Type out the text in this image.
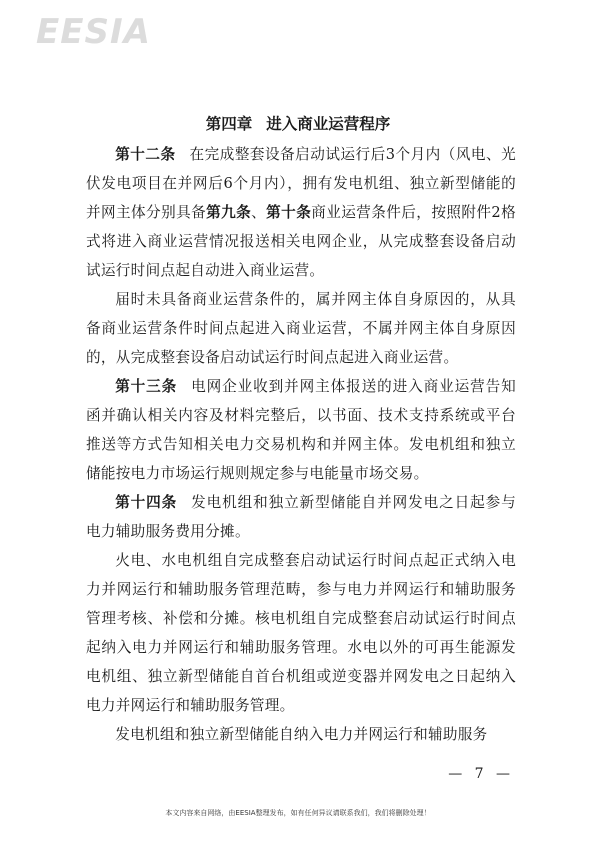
EESIA
第四章 进入商业运营程序

第十二条 在完成整套设备启动试运行后3个月内（风电、光伏发电项目在并网后6个月内），拥有发电机组、独立新型储能的并网主体分别具备第九条、第十条商业运营条件后，按照附件2格式将进入商业运营情况报送相关电网企业，从完成整套设备启动试运行时间点起自动进入商业运营。

届时未具备商业运营条件的，属并网主体自身原因的，从具备商业运营条件时间点起进入商业运营，不属并网主体自身原因的，从完成整套设备启动试运行时间点起进入商业运营。

第十三条 电网企业收到并网主体报送的进入商业运营告知函并确认相关内容及材料完整后，以书面、技术支持系统或平台推送等方式告知相关电力交易机构和并网主体。发电机组和独立储能按电力市场运行规则规定参与电能量市场交易。

第十四条 发电机组和独立新型储能自并网发电之日起参与电力辅助服务费用分摊。

火电、水电机组自完成整套启动试运行时间点起正式纳入电力并网运行和辅助服务管理范畴，参与电力并网运行和辅助服务管理考核、补偿和分摊。核电机组自完成整套启动试运行时间点起纳入电力并网运行和辅助服务管理。水电以外的可再生能源发电机组、独立新型储能自首台机组或逆变器并网发电之日起纳入电力并网运行和辅助服务管理。

发电机组和独立新型储能自纳入电力并网运行和辅助服务

— 7 —
本文内容来自网络，由EESIA整理发布，如有任何异议请联系我们，我们将删除处理！
